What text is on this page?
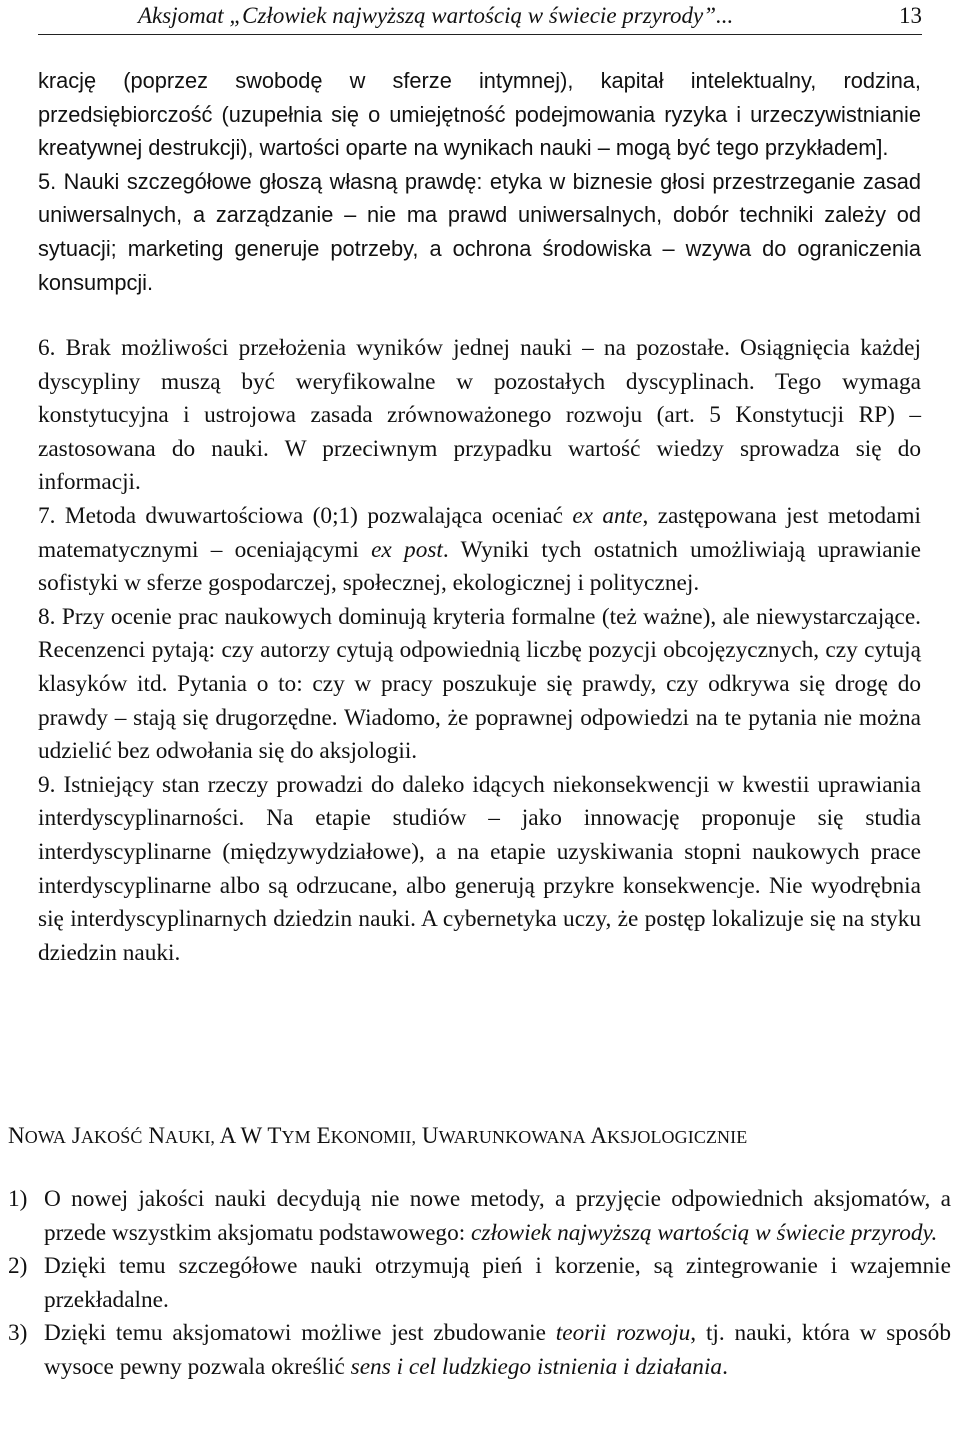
Aksjomat „Człowiek najwyższą wartością w świecie przyrody”...	13

krację (poprzez swobodę w sferze intymnej), kapitał intelektualny, rodzina, przedsiębiorczość (uzupełnia się o umiejętność podejmowania ryzyka i urzeczywistnianie kreatywnej destrukcji), wartości oparte na wynikach nauki – mogą być tego przykładem].

5. Nauki szczegółowe głoszą własną prawdę: etyka w biznesie głosi przestrzeganie zasad uniwersalnych, a zarządzanie – nie ma prawd uniwersalnych, dobór techniki zależy od sytuacji; marketing generuje potrzeby, a ochrona środowiska – wzywa do ograniczenia konsumpcji.

6. Brak możliwości przełożenia wyników jednej nauki – na pozostałe. Osiągnięcia każdej dyscypliny muszą być weryfikowalne w pozostałych dyscyplinach. Tego wymaga konstytucyjna i ustrojowa zasada zrównoważonego rozwoju (art. 5 Konstytucji RP) – zastosowana do nauki. W przeciwnym przypadku wartość wiedzy sprowadza się do informacji.

7. Metoda dwuwartościowa (0;1) pozwalająca oceniać ex ante, zastępowana jest metodami matematycznymi – oceniającymi ex post. Wyniki tych ostatnich umożliwiają uprawianie sofistyki w sferze gospodarczej, społecznej, ekologicznej i politycznej.

8. Przy ocenie prac naukowych dominują kryteria formalne (też ważne), ale niewystarczające. Recenzenci pytają: czy autorzy cytują odpowiednią liczbę pozycji obcojęzycznych, czy cytują klasyków itd. Pytania o to: czy w pracy poszukuje się prawdy, czy odkrywa się drogę do prawdy – stają się drugorzędne. Wiadomo, że poprawnej odpowiedzi na te pytania nie można udzielić bez odwołania się do aksjologii.

9. Istniejący stan rzeczy prowadzi do daleko idących niekonsekwencji w kwestii uprawiania interdyscyplinarności. Na etapie studiów – jako innowację proponuje się studia interdyscyplinarne (międzywydziałowe), a na etapie uzyskiwania stopni naukowych prace interdyscyplinarne albo są odrzucane, albo generują przykre konsekwencje. Nie wyodrębnia się interdyscyplinarnych dziedzin nauki. A cybernetyka uczy, że postęp lokalizuje się na styku dziedzin nauki.

NOWA JAKOŚĆ NAUKI, A W TYM EKONOMII, UWARUNKOWANA AKSJOLOGICZNIE
1) O nowej jakości nauki decydują nie nowe metody, a przyjęcie odpowiednich aksjomatów, a przede wszystkim aksjomatu podstawowego: człowiek najwyższą wartością w świecie przyrody.

2) Dzięki temu szczegółowe nauki otrzymują pień i korzenie, są zintegrowanie i wzajemnie przekładalne.

3) Dzięki temu aksjomatowi możliwe jest zbudowanie teorii rozwoju, tj. nauki, która w sposób wysoce pewny pozwala określić sens i cel ludzkiego istnienia i działania.
